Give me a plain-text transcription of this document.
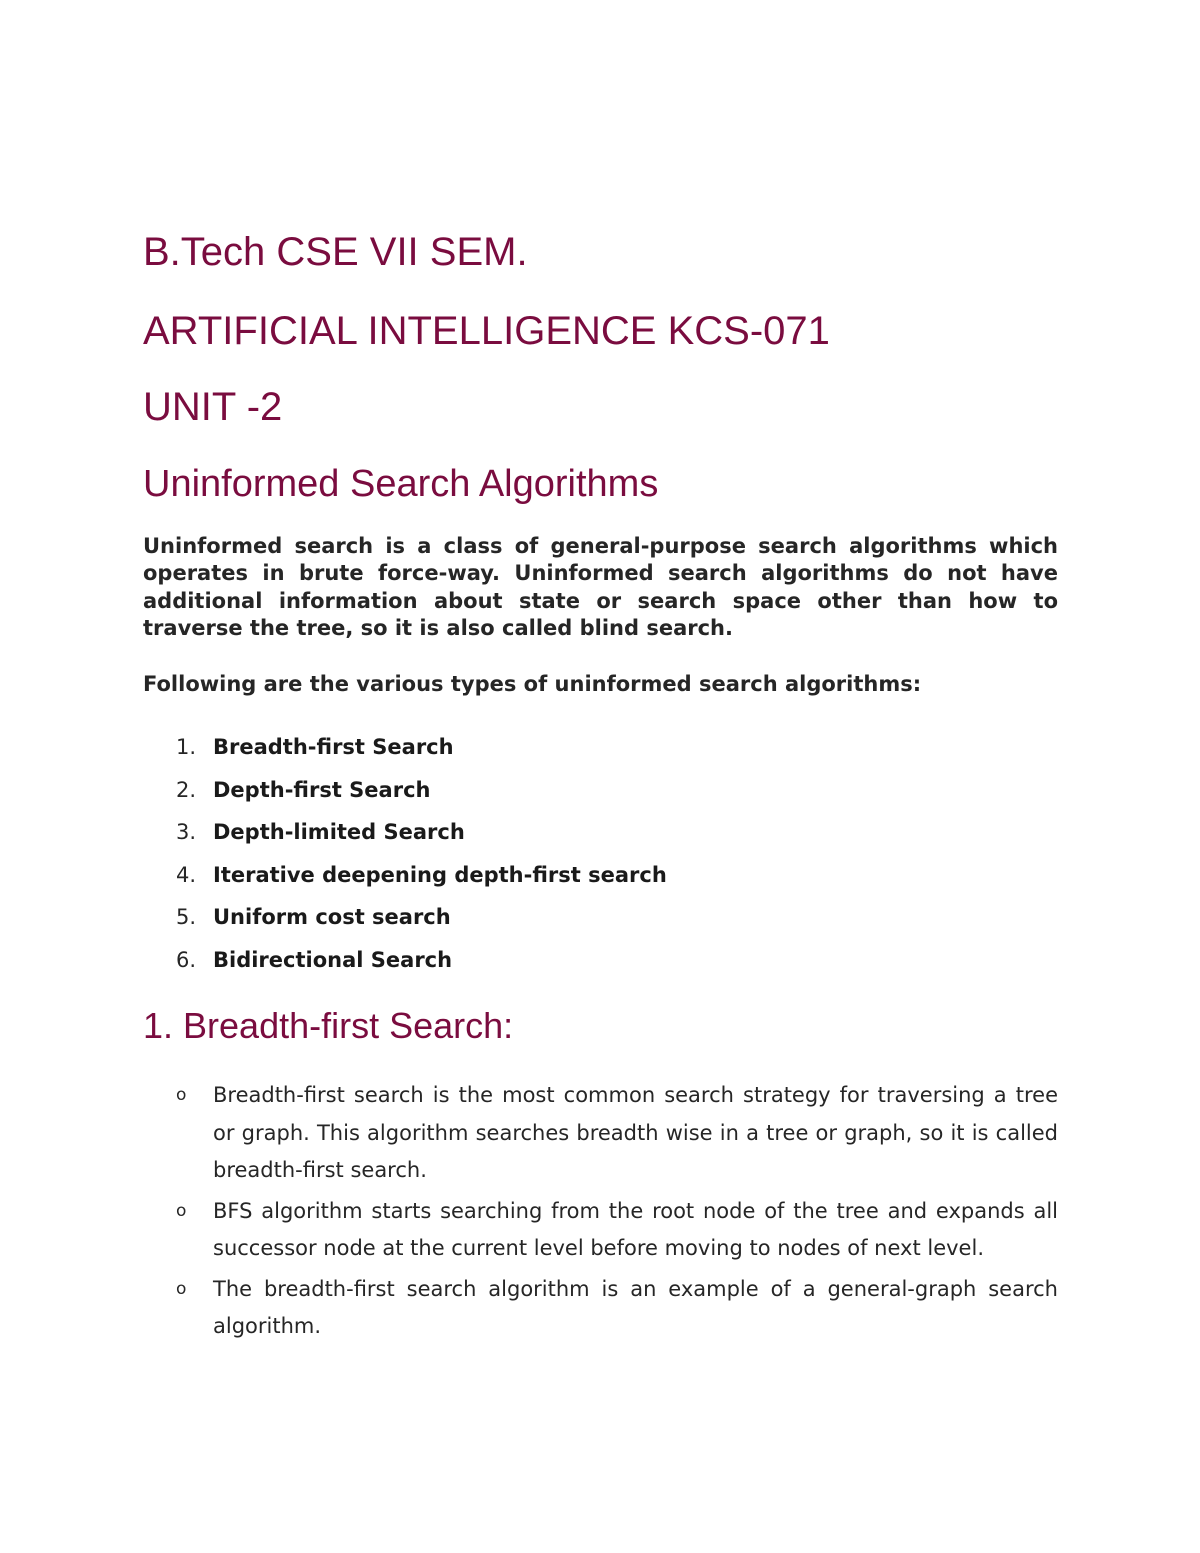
B.Tech CSE VII SEM.
ARTIFICIAL INTELLIGENCE KCS-071
UNIT -2
Uninformed Search Algorithms

Uninformed search is a class of general-purpose search algorithms which operates in brute force-way. Uninformed search algorithms do not have additional information about state or search space other than how to traverse the tree, so it is also called blind search.

Following are the various types of uninformed search algorithms:

1. Breadth-first Search
2. Depth-first Search
3. Depth-limited Search
4. Iterative deepening depth-first search
5. Uniform cost search
6. Bidirectional Search
1. Breadth-first Search:
o Breadth-first search is the most common search strategy for traversing a tree or graph. This algorithm searches breadth wise in a tree or graph, so it is called breadth-first search.
o BFS algorithm starts searching from the root node of the tree and expands all successor node at the current level before moving to nodes of next level.
o The breadth-first search algorithm is an example of a general-graph search algorithm.
